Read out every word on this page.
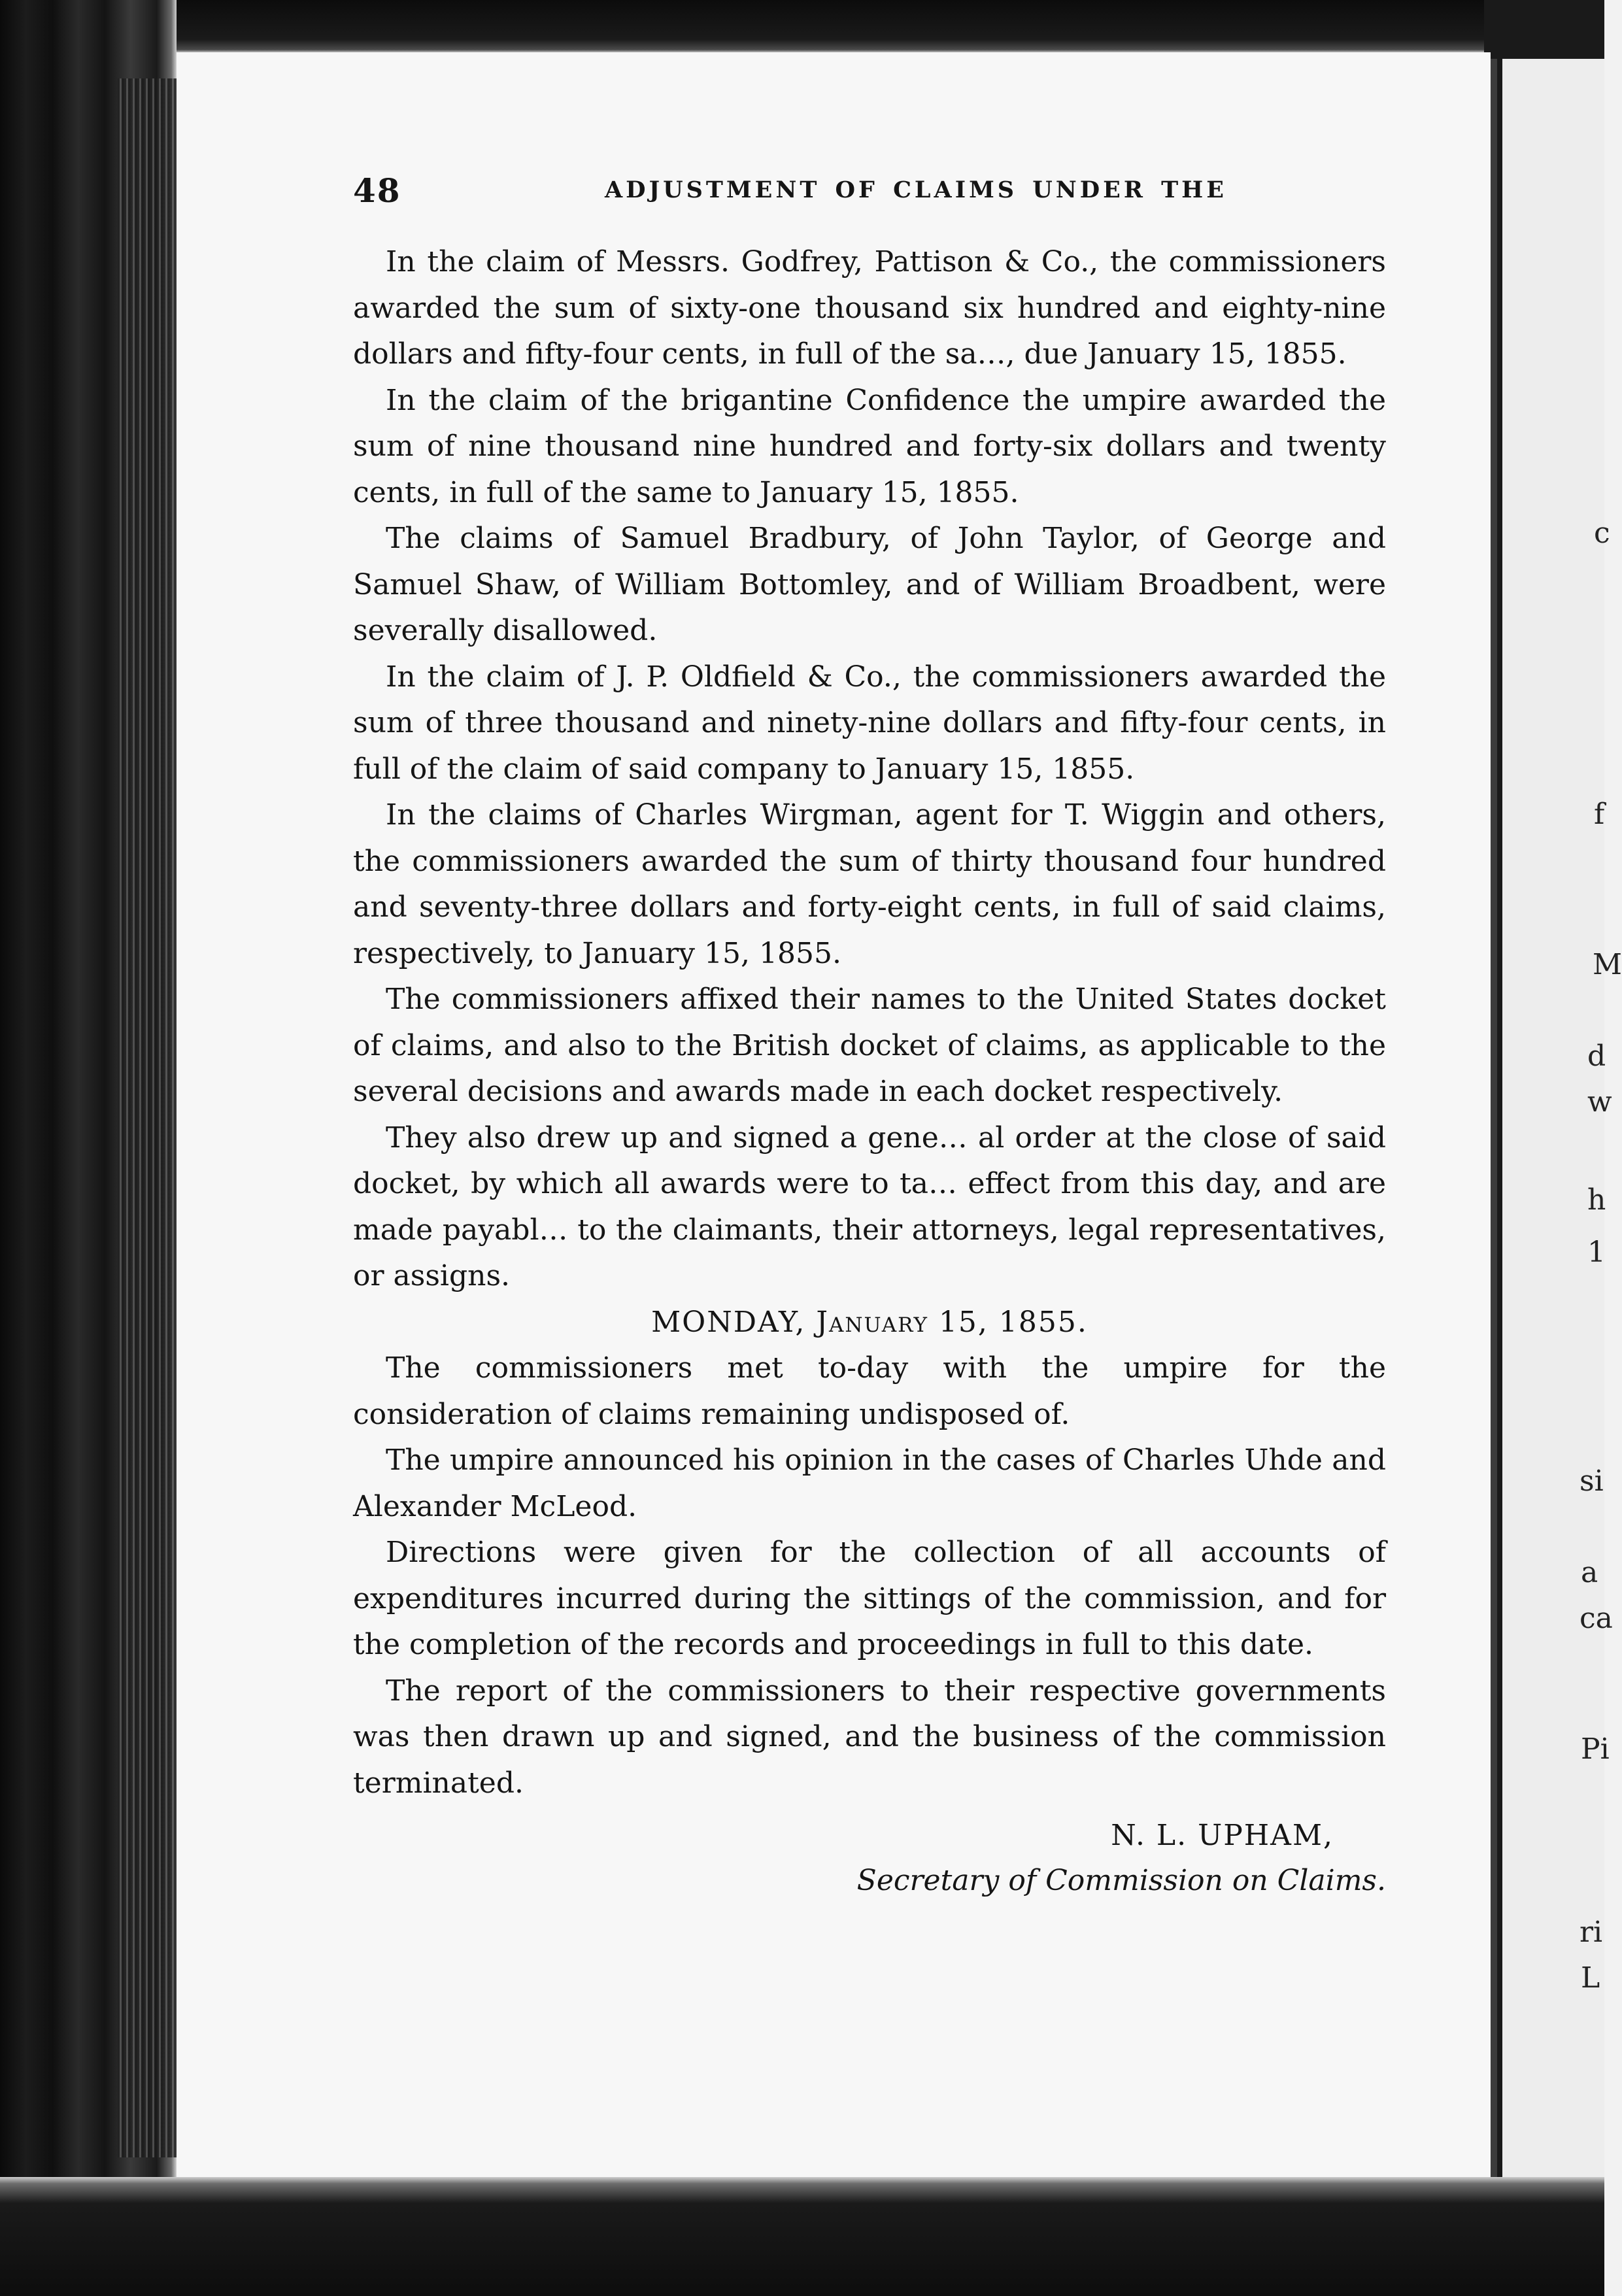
c
f
M
d
w
h
1
si
a
ca
Pi
ri
L
48	ADJUSTMENT OF CLAIMS UNDER THE

In the claim of Messrs. Godfrey, Pattison & Co., the commissioners awarded the sum of sixty-one thousand six hundred and eighty-nine dollars and fifty-four cents, in full of the sa…, due January 15, 1855.

In the claim of the brigantine Confidence the umpire awarded the sum of nine thousand nine hundred and forty-six dollars and twenty cents, in full of the same to January 15, 1855.

The claims of Samuel Bradbury, of John Taylor, of George and Samuel Shaw, of William Bottomley, and of William Broadbent, were severally disallowed.

In the claim of J. P. Oldfield & Co., the commissioners awarded the sum of three thousand and ninety-nine dollars and fifty-four cents, in full of the claim of said company to January 15, 1855.

In the claims of Charles Wirgman, agent for T. Wiggin and others, the commissioners awarded the sum of thirty thousand four hundred and seventy-three dollars and forty-eight cents, in full of said claims, respectively, to January 15, 1855.

The commissioners affixed their names to the United States docket of claims, and also to the British docket of claims, as applicable to the several decisions and awards made in each docket respectively.

They also drew up and signed a gene… al order at the close of said docket, by which all awards were to ta… effect from this day, and are made payabl… to the claimants, their attorneys, legal representatives, or assigns.

MONDAY, January 15, 1855.

The commissioners met to-day with the umpire for the consideration of claims remaining undisposed of.

The umpire announced his opinion in the cases of Charles Uhde and Alexander McLeod.

Directions were given for the collection of all accounts of expenditures incurred during the sittings of the commission, and for the completion of the records and proceedings in full to this date.

The report of the commissioners to their respective governments was then drawn up and signed, and the business of the commission terminated.

N. L. UPHAM,
Secretary of Commission on Claims.
